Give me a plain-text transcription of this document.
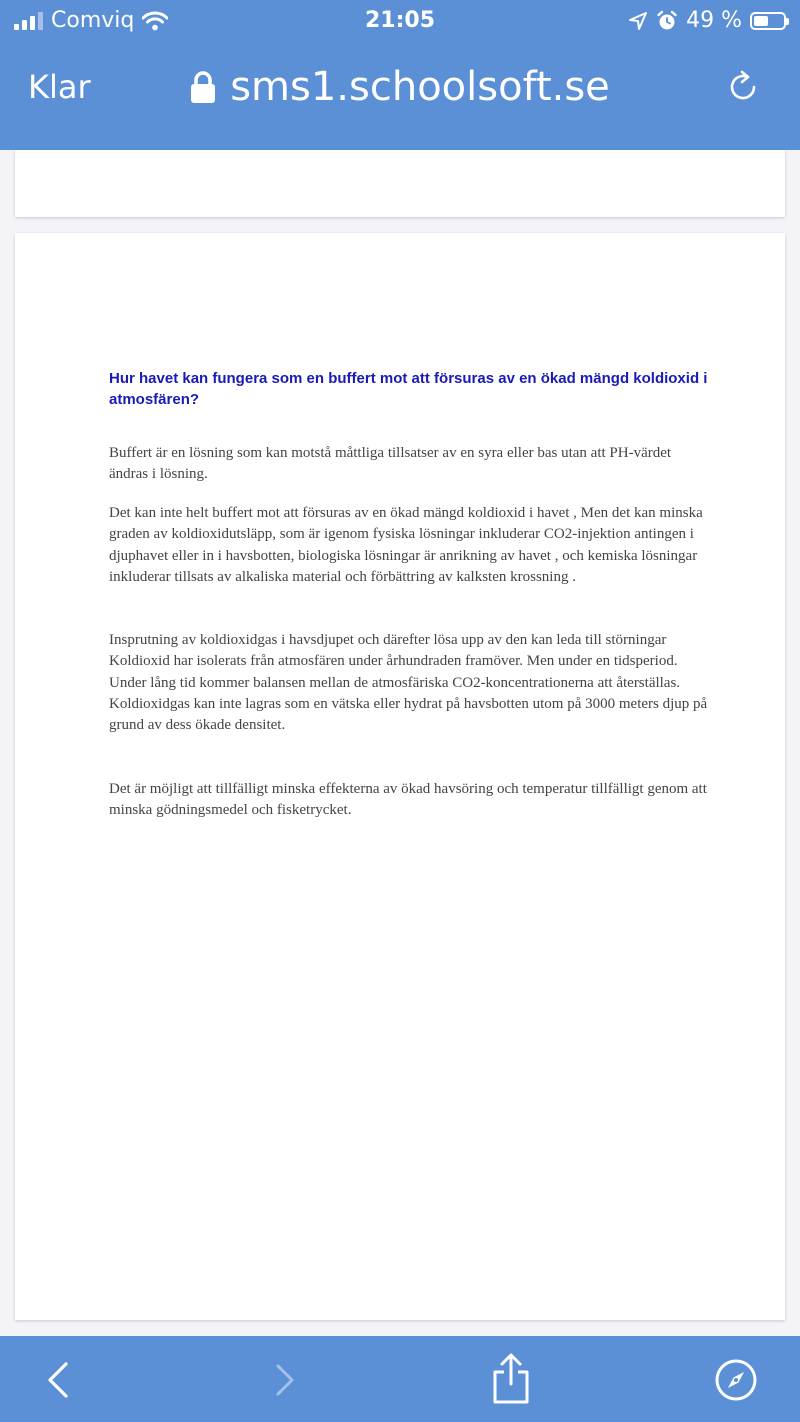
Comviq	21:05	49 %
Klar	sms1.schoolsoft.se
Hur havet kan fungera som en buffert mot att försuras av en ökad mängd koldioxid i atmosfären?

Buffert är en lösning som kan motstå måttliga tillsatser av en syra eller bas utan att PH-värdet ändras i lösning.

Det kan inte helt buffert mot att försuras av en ökad mängd koldioxid i havet , Men det kan minska graden av koldioxidutsläpp, som är igenom fysiska lösningar inkluderar CO2-injektion antingen i djuphavet eller in i havsbotten, biologiska lösningar är anrikning av havet , och kemiska lösningar inkluderar tillsats av alkaliska material och förbättring av kalksten krossning .

Insprutning av koldioxidgas i havsdjupet och därefter lösa upp av den kan leda till störningar Koldioxid har isolerats från atmosfären under århundraden framöver. Men under en tidsperiod. Under lång tid kommer balansen mellan de atmosfäriska CO2-koncentrationerna att återställas. Koldioxidgas kan inte lagras som en vätska eller hydrat på havsbotten utom på 3000 meters djup på grund av dess ökade densitet.

Det är möjligt att tillfälligt minska effekterna av ökad havsöring och temperatur tillfälligt genom att minska gödningsmedel och fisketrycket.
